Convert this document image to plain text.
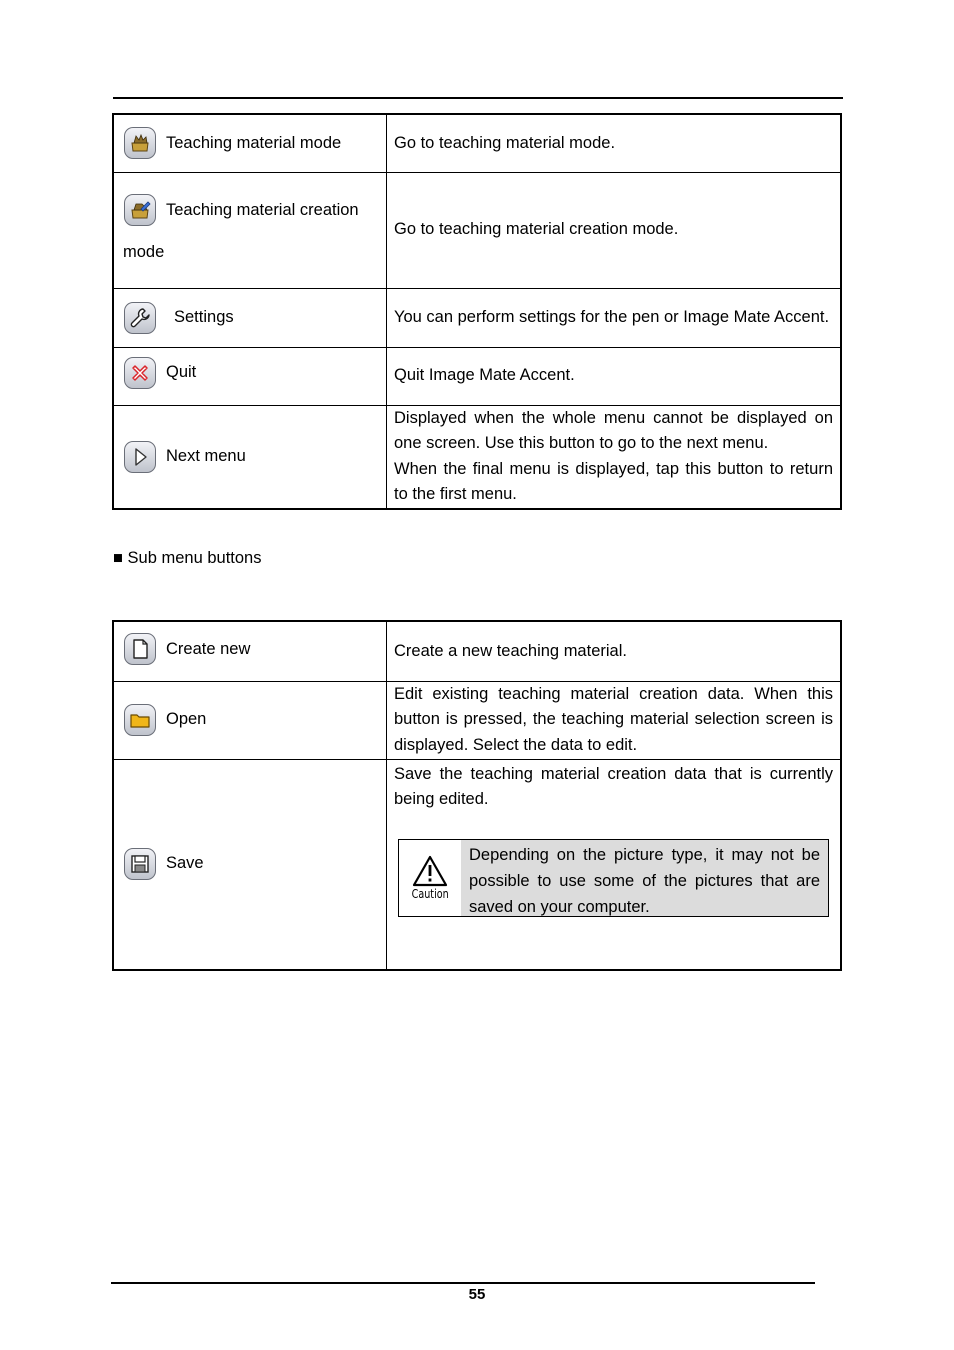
Teaching material mode	Go to teaching material mode.

Teaching material creation
mode	Go to teaching material creation mode.

Settings	You can perform settings for the pen or Image Mate Accent.

Quit	Quit Image Mate Accent.

Next menu	Displayed when the whole menu cannot be displayed on one screen. Use this button to go to the next menu.
When the final menu is displayed, tap this button to return to the first menu.
■ Sub menu buttons
Create new	Create a new teaching material.

Open	Edit existing teaching material creation data. When this button is pressed, the teaching material selection screen is displayed. Select the data to edit.

Save	Save the teaching material creation data that is currently being edited.
Caution
Depending on the picture type, it may not be possible to use some of the pictures that are saved on your computer.
55
